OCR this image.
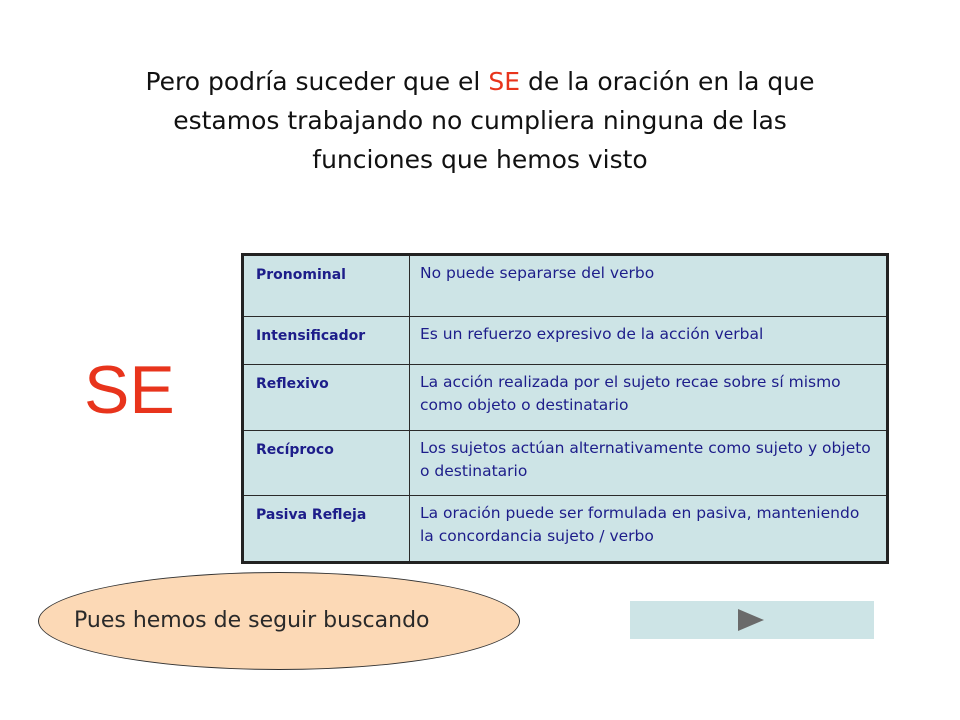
Pero podría suceder que el SE de la oración en la que
estamos trabajando no cumpliera ninguna de las
funciones que hemos visto
SE
Pronominal	No puede separarse del verbo
Intensificador	Es un refuerzo expresivo de la acción verbal
Reflexivo	La acción realizada por el sujeto recae sobre sí mismo como objeto o destinatario
Recíproco	Los sujetos actúan alternativamente como sujeto y objeto o destinatario
Pasiva Refleja	La oración puede ser formulada en pasiva, manteniendo la concordancia sujeto / verbo
Pues hemos de seguir buscando
